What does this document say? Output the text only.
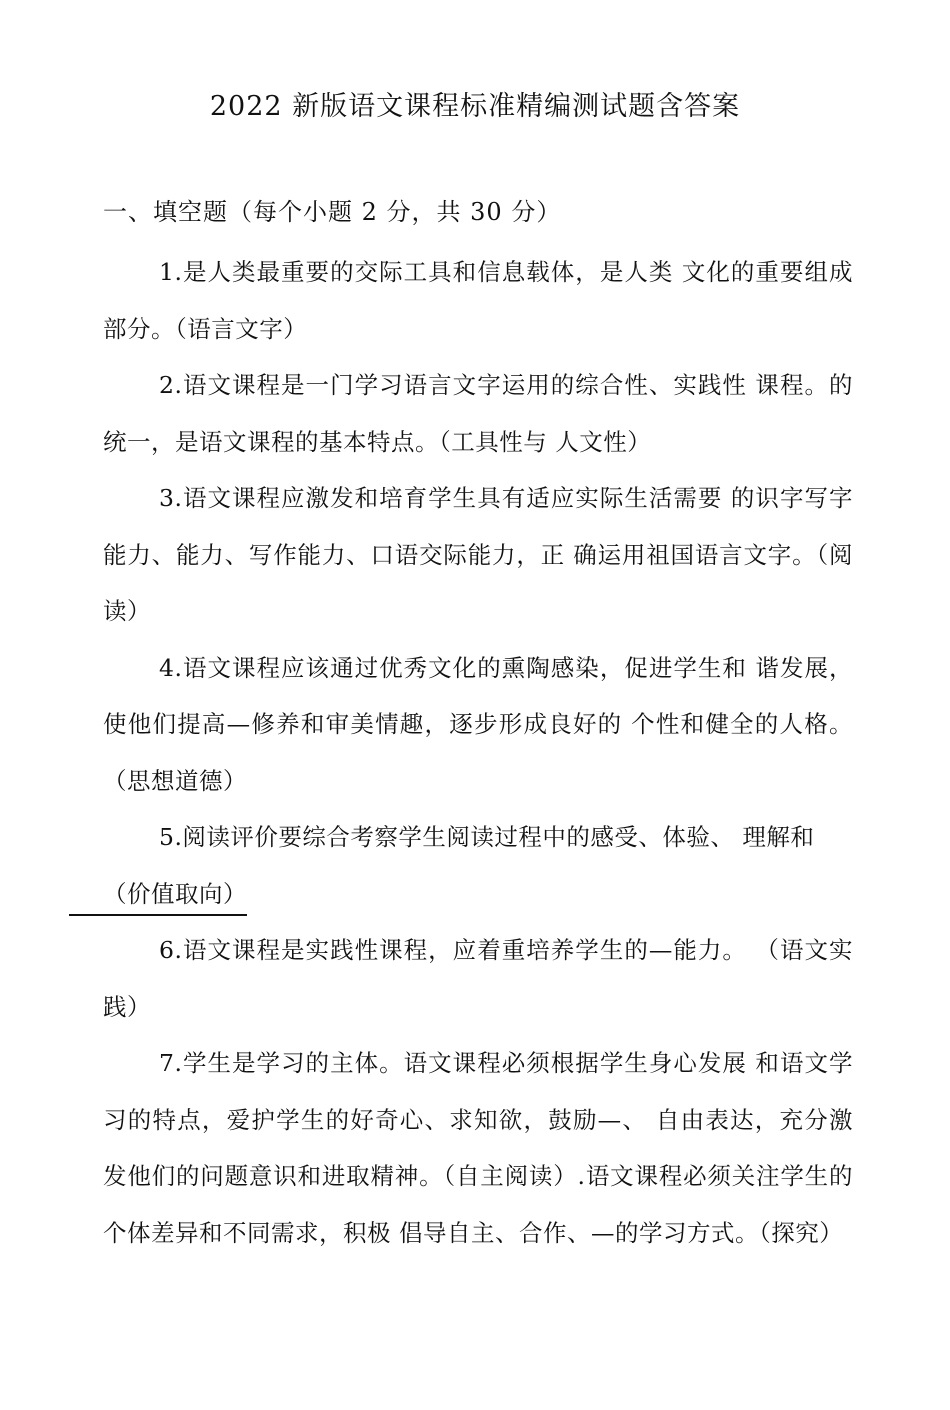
2022 新版语文课程标准精编测试题含答案
一、填空题（每个小题 2 分，共 30 分）

1.是人类最重要的交际工具和信息载体，是人类 文化的重要组成部分。（语言文字）

2.语文课程是一门学习语言文字运用的综合性、实践性 课程。的统一，是语文课程的基本特点。（工具性与 人文性）

3.语文课程应激发和培育学生具有适应实际生活需要 的识字写字能力、能力、写作能力、口语交际能力，正 确运用祖国语言文字。（阅读）

4.语文课程应该通过优秀文化的熏陶感染，促进学生和 谐发展，使他们提高—修养和审美情趣，逐步形成良好的 个性和健全的人格。（思想道德）

5.阅读评价要综合考察学生阅读过程中的感受、体验、 理解和
（价值取向）

6.语文课程是实践性课程，应着重培养学生的—能力。 （语文实践）

7.学生是学习的主体。语文课程必须根据学生身心发展 和语文学习的特点，爱护学生的好奇心、求知欲，鼓励—、 自由表达，充分激发他们的问题意识和进取精神。（自主阅读）.语文课程必须关注学生的个体差异和不同需求，积极 倡导自主、合作、—的学习方式。（探究）
